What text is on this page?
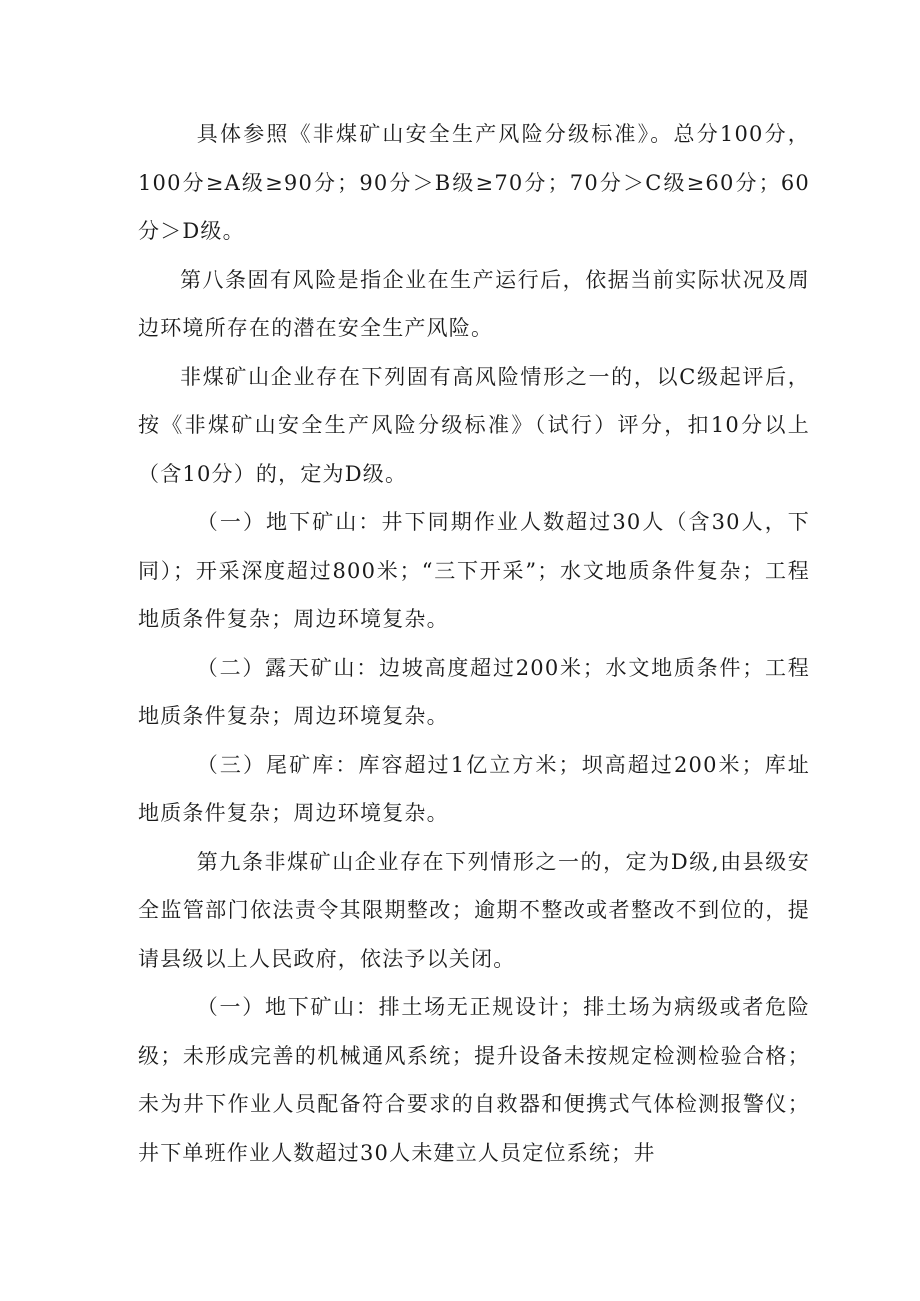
具体参照《非煤矿山安全生产风险分级标准》。总分100分，100分≥A级≥90分；90分＞B级≥70分；70分＞C级≥60分；60分＞D级。

第八条固有风险是指企业在生产运行后，依据当前实际状况及周边环境所存在的潜在安全生产风险。

非煤矿山企业存在下列固有高风险情形之一的，以C级起评后，按《非煤矿山安全生产风险分级标准》（试行）评分，扣10分以上（含10分）的，定为D级。

（一）地下矿山：井下同期作业人数超过30人（含30人，下同）；开采深度超过800米；“三下开采”；水文地质条件复杂；工程地质条件复杂；周边环境复杂。

（二）露天矿山：边坡高度超过200米；水文地质条件；工程地质条件复杂；周边环境复杂。

（三）尾矿库：库容超过1亿立方米；坝高超过200米；库址地质条件复杂；周边环境复杂。

第九条非煤矿山企业存在下列情形之一的，定为D级,由县级安全监管部门依法责令其限期整改；逾期不整改或者整改不到位的，提请县级以上人民政府，依法予以关闭。

（一）地下矿山：排土场无正规设计；排土场为病级或者危险级；未形成完善的机械通风系统；提升设备未按规定检测检验合格；未为井下作业人员配备符合要求的自救器和便携式气体检测报警仪；井下单班作业人数超过30人未建立人员定位系统；井
